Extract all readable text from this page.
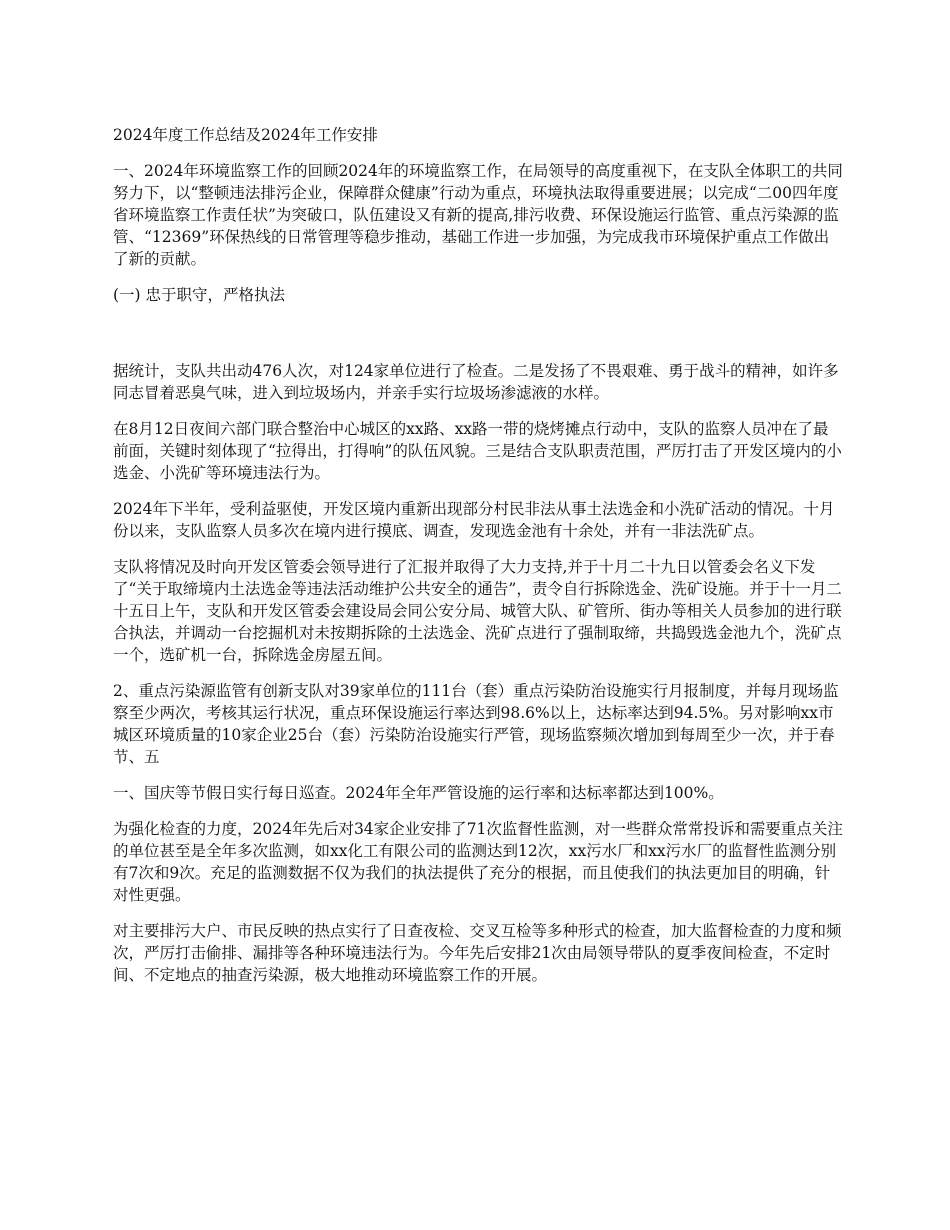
2024年度工作总结及2024年工作安排

一、2024年环境监察工作的回顾2024年的环境监察工作，在局领导的高度重视下，在支队全体职工的共同努力下，以“整顿违法排污企业，保障群众健康”行动为重点，环境执法取得重要进展；以完成“二00四年度省环境监察工作责任状”为突破口，队伍建设又有新的提高,排污收费、环保设施运行监管、重点污染源的监管、“12369”环保热线的日常管理等稳步推动，基础工作进一步加强，为完成我市环境保护重点工作做出了新的贡献。

(一) 忠于职守，严格执法

据统计，支队共出动476人次，对124家单位进行了检查。二是发扬了不畏艰难、勇于战斗的精神，如许多同志冒着恶臭气味，进入到垃圾场内，并亲手实行垃圾场渗滤液的水样。

在8月12日夜间六部门联合整治中心城区的xx路、xx路一带的烧烤摊点行动中，支队的监察人员冲在了最前面，关键时刻体现了“拉得出，打得响”的队伍风貌。三是结合支队职责范围，严厉打击了开发区境内的小选金、小洗矿等环境违法行为。

2024年下半年，受利益驱使，开发区境内重新出现部分村民非法从事土法选金和小洗矿活动的情况。十月份以来，支队监察人员多次在境内进行摸底、调查，发现选金池有十余处，并有一非法洗矿点。

支队将情况及时向开发区管委会领导进行了汇报并取得了大力支持,并于十月二十九日以管委会名义下发了“关于取缔境内土法选金等违法活动维护公共安全的通告”，责令自行拆除选金、洗矿设施。并于十一月二十五日上午，支队和开发区管委会建设局会同公安分局、城管大队、矿管所、街办等相关人员参加的进行联合执法，并调动一台挖掘机对未按期拆除的土法选金、洗矿点进行了强制取缔，共捣毁选金池九个，洗矿点一个，选矿机一台，拆除选金房屋五间。

2、重点污染源监管有创新支队对39家单位的111台（套）重点污染防治设施实行月报制度，并每月现场监察至少两次，考核其运行状况，重点环保设施运行率达到98.6%以上，达标率达到94.5%。另对影响xx市城区环境质量的10家企业25台（套）污染防治设施实行严管，现场监察频次增加到每周至少一次，并于春节、五

一、国庆等节假日实行每日巡查。2024年全年严管设施的运行率和达标率都达到100%。

为强化检查的力度，2024年先后对34家企业安排了71次监督性监测，对一些群众常常投诉和需要重点关注的单位甚至是全年多次监测，如xx化工有限公司的监测达到12次，xx污水厂和xx污水厂的监督性监测分别有7次和9次。充足的监测数据不仅为我们的执法提供了充分的根据，而且使我们的执法更加目的明确，针对性更强。

对主要排污大户、市民反映的热点实行了日查夜检、交叉互检等多种形式的检查，加大监督检查的力度和频次，严厉打击偷排、漏排等各种环境违法行为。今年先后安排21次由局领导带队的夏季夜间检查，不定时间、不定地点的抽查污染源，极大地推动环境监察工作的开展。
